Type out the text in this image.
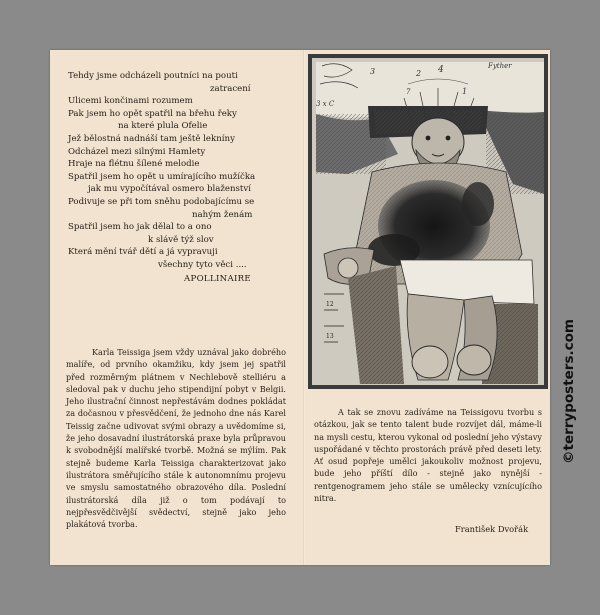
Tehdy jsme odcházeli poutníci na pouti
zatracení
Ulicemi končinami rozumem
Pak jsem ho opět spatřil na břehu řeky
na které plula Ofelie
Jež bělostná nadnáší tam ještě leknínу
Odcházel mezi silnými Hamlety
Hraje na flétnu šílené melodie
Spatřil jsem ho opět u umírajícího mužíčka
jak mu vypočítával osmero blaženství
Podivuje se při tom sněhu podobajícímu se
nahým ženám
Spatřil jsem ho jak dělal to a ono
k slávě týž slov
Která mění tvář dětí a já vypravuji
všechny tyto věci ....
APOLLINAIRE
Karla Teissiga jsem vždy uznával jako dobrého malíře, od prvního okamžiku, kdy jsem jej spatřil před rozměrným plátnem v Nechlebově stelliéru a sledoval pak v duchu jeho stipendijní pobyt v Belgii. Jeho ilustrační činnost nepřestávám dodnes pokládat za dočasnou v přesvědčení, že jednoho dne nás Karel Teissig začne udivovat svými obrazy a uvědomíme si, že jeho dosavadní ilustrátorská praxe byla průpravou k svobodnější malířské tvorbě. Možná se mýlím. Pak stejně budeme Karla Teissiga charakterizovat jako ilustrátora směřujícího stále k autonomnímu projevu ve smyslu samostatného obrazového díla. Poslední ilustrátorská díla již o tom podávají to nejpřesvědčivější svědectví, stejně jako jeho plakátová tvorba.
12
13
3	2 4
1
Fyther
3 x C
7
A tak se znovu zadíváme na Teissigovu tvorbu s otázkou, jak se tento talent bude rozvíjet dál, máme-li na mysli cestu, kterou vykonal od poslední jeho výstavy uspořádané v těchto prostorách právě před deseti lety. Ať osud popřeje umělci jakoukoliv možnost projevu, bude jeho příští dílo - stejně jako nynější - rentgenogramem jeho stále se umělecky vznícujícího nitra.
František Dvořák
©terryposters.com
